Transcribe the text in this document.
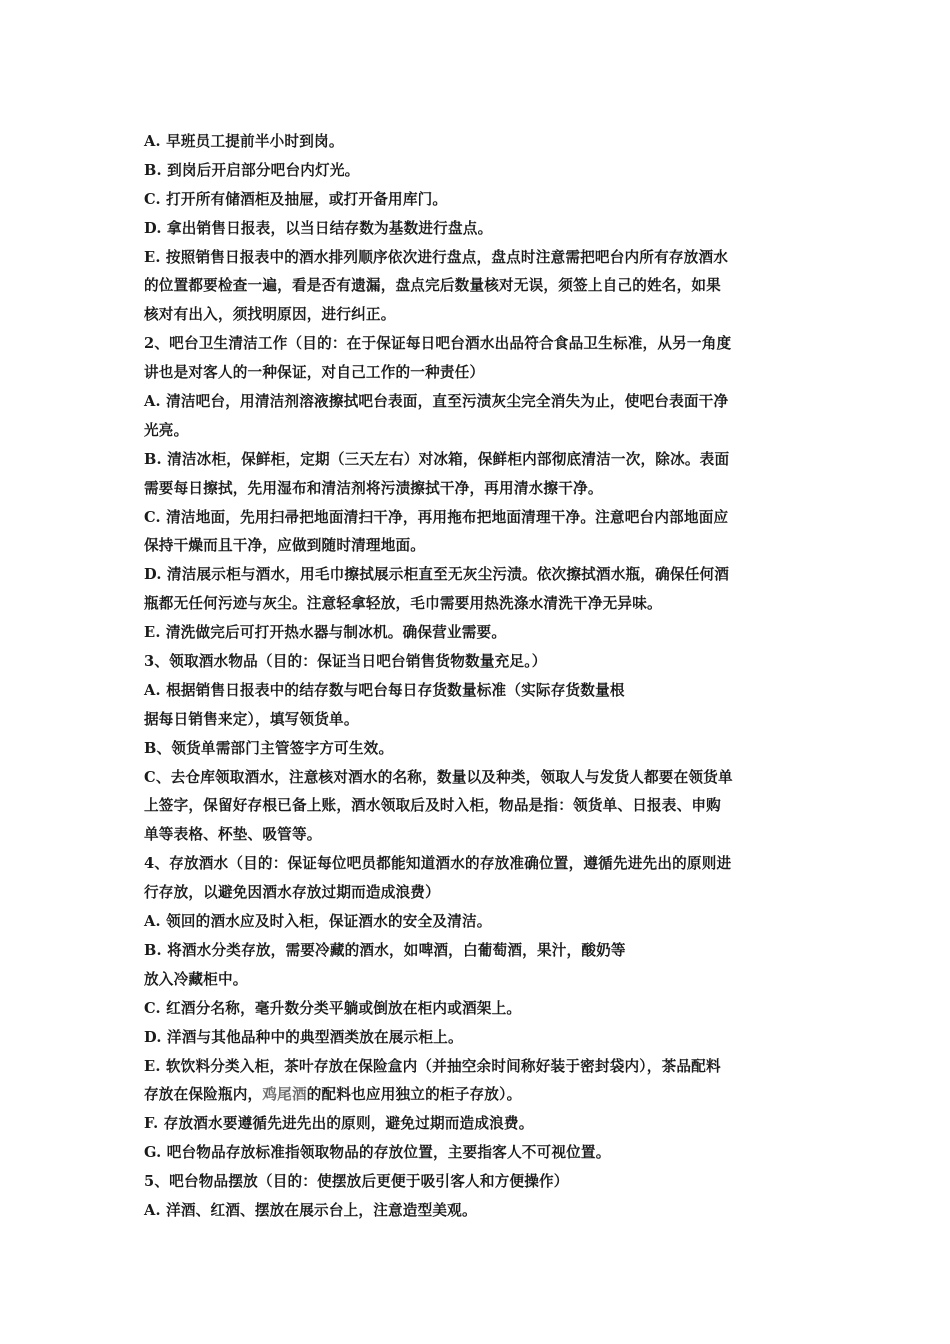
A. 早班员工提前半小时到岗。
B. 到岗后开启部分吧台内灯光。
C. 打开所有储酒柜及抽屉，或打开备用库门。
D. 拿出销售日报表，以当日结存数为基数进行盘点。
E. 按照销售日报表中的酒水排列顺序依次进行盘点，盘点时注意需把吧台内所有存放酒水
的位置都要检查一遍，看是否有遗漏，盘点完后数量核对无误，须签上自己的姓名，如果
核对有出入，须找明原因，进行纠正。
2、吧台卫生清洁工作（目的：在于保证每日吧台酒水出品符合食品卫生标准，从另一角度
讲也是对客人的一种保证，对自己工作的一种责任）
A. 清洁吧台，用清洁剂溶液擦拭吧台表面，直至污渍灰尘完全消失为止，使吧台表面干净
光亮。
B. 清洁冰柜，保鲜柜，定期（三天左右）对冰箱，保鲜柜内部彻底清洁一次，除冰。表面
需要每日擦拭，先用湿布和清洁剂将污渍擦拭干净，再用清水擦干净。
C. 清洁地面，先用扫帚把地面清扫干净，再用拖布把地面清理干净。注意吧台内部地面应
保持干燥而且干净，应做到随时清理地面。
D. 清洁展示柜与酒水，用毛巾擦拭展示柜直至无灰尘污渍。依次擦拭酒水瓶，确保任何酒
瓶都无任何污迹与灰尘。注意轻拿轻放，毛巾需要用热洗涤水清洗干净无异味。
E. 清洗做完后可打开热水器与制冰机。确保营业需要。
3、领取酒水物品（目的：保证当日吧台销售货物数量充足。）
A. 根据销售日报表中的结存数与吧台每日存货数量标准（实际存货数量根
据每日销售来定），填写领货单。
B、领货单需部门主管签字方可生效。
C、去仓库领取酒水，注意核对酒水的名称，数量以及种类，领取人与发货人都要在领货单
上签字，保留好存根已备上账，酒水领取后及时入柜，物品是指：领货单、日报表、申购
单等表格、杯垫、吸管等。
4、存放酒水（目的：保证每位吧员都能知道酒水的存放准确位置，遵循先进先出的原则进
行存放，以避免因酒水存放过期而造成浪费）
A. 领回的酒水应及时入柜，保证酒水的安全及清洁。
B. 将酒水分类存放，需要冷藏的酒水，如啤酒，白葡萄酒，果汁，酸奶等
放入冷藏柜中。
C. 红酒分名称，毫升数分类平躺或倒放在柜内或酒架上。
D. 洋酒与其他品种中的典型酒类放在展示柜上。
E. 软饮料分类入柜，茶叶存放在保险盒内（并抽空余时间称好装于密封袋内），茶品配料
存放在保险瓶内，鸡尾酒的配料也应用独立的柜子存放）。
F. 存放酒水要遵循先进先出的原则，避免过期而造成浪费。
G. 吧台物品存放标准指领取物品的存放位置，主要指客人不可视位置。
5、吧台物品摆放（目的：使摆放后更便于吸引客人和方便操作）
A. 洋酒、红酒、摆放在展示台上，注意造型美观。
